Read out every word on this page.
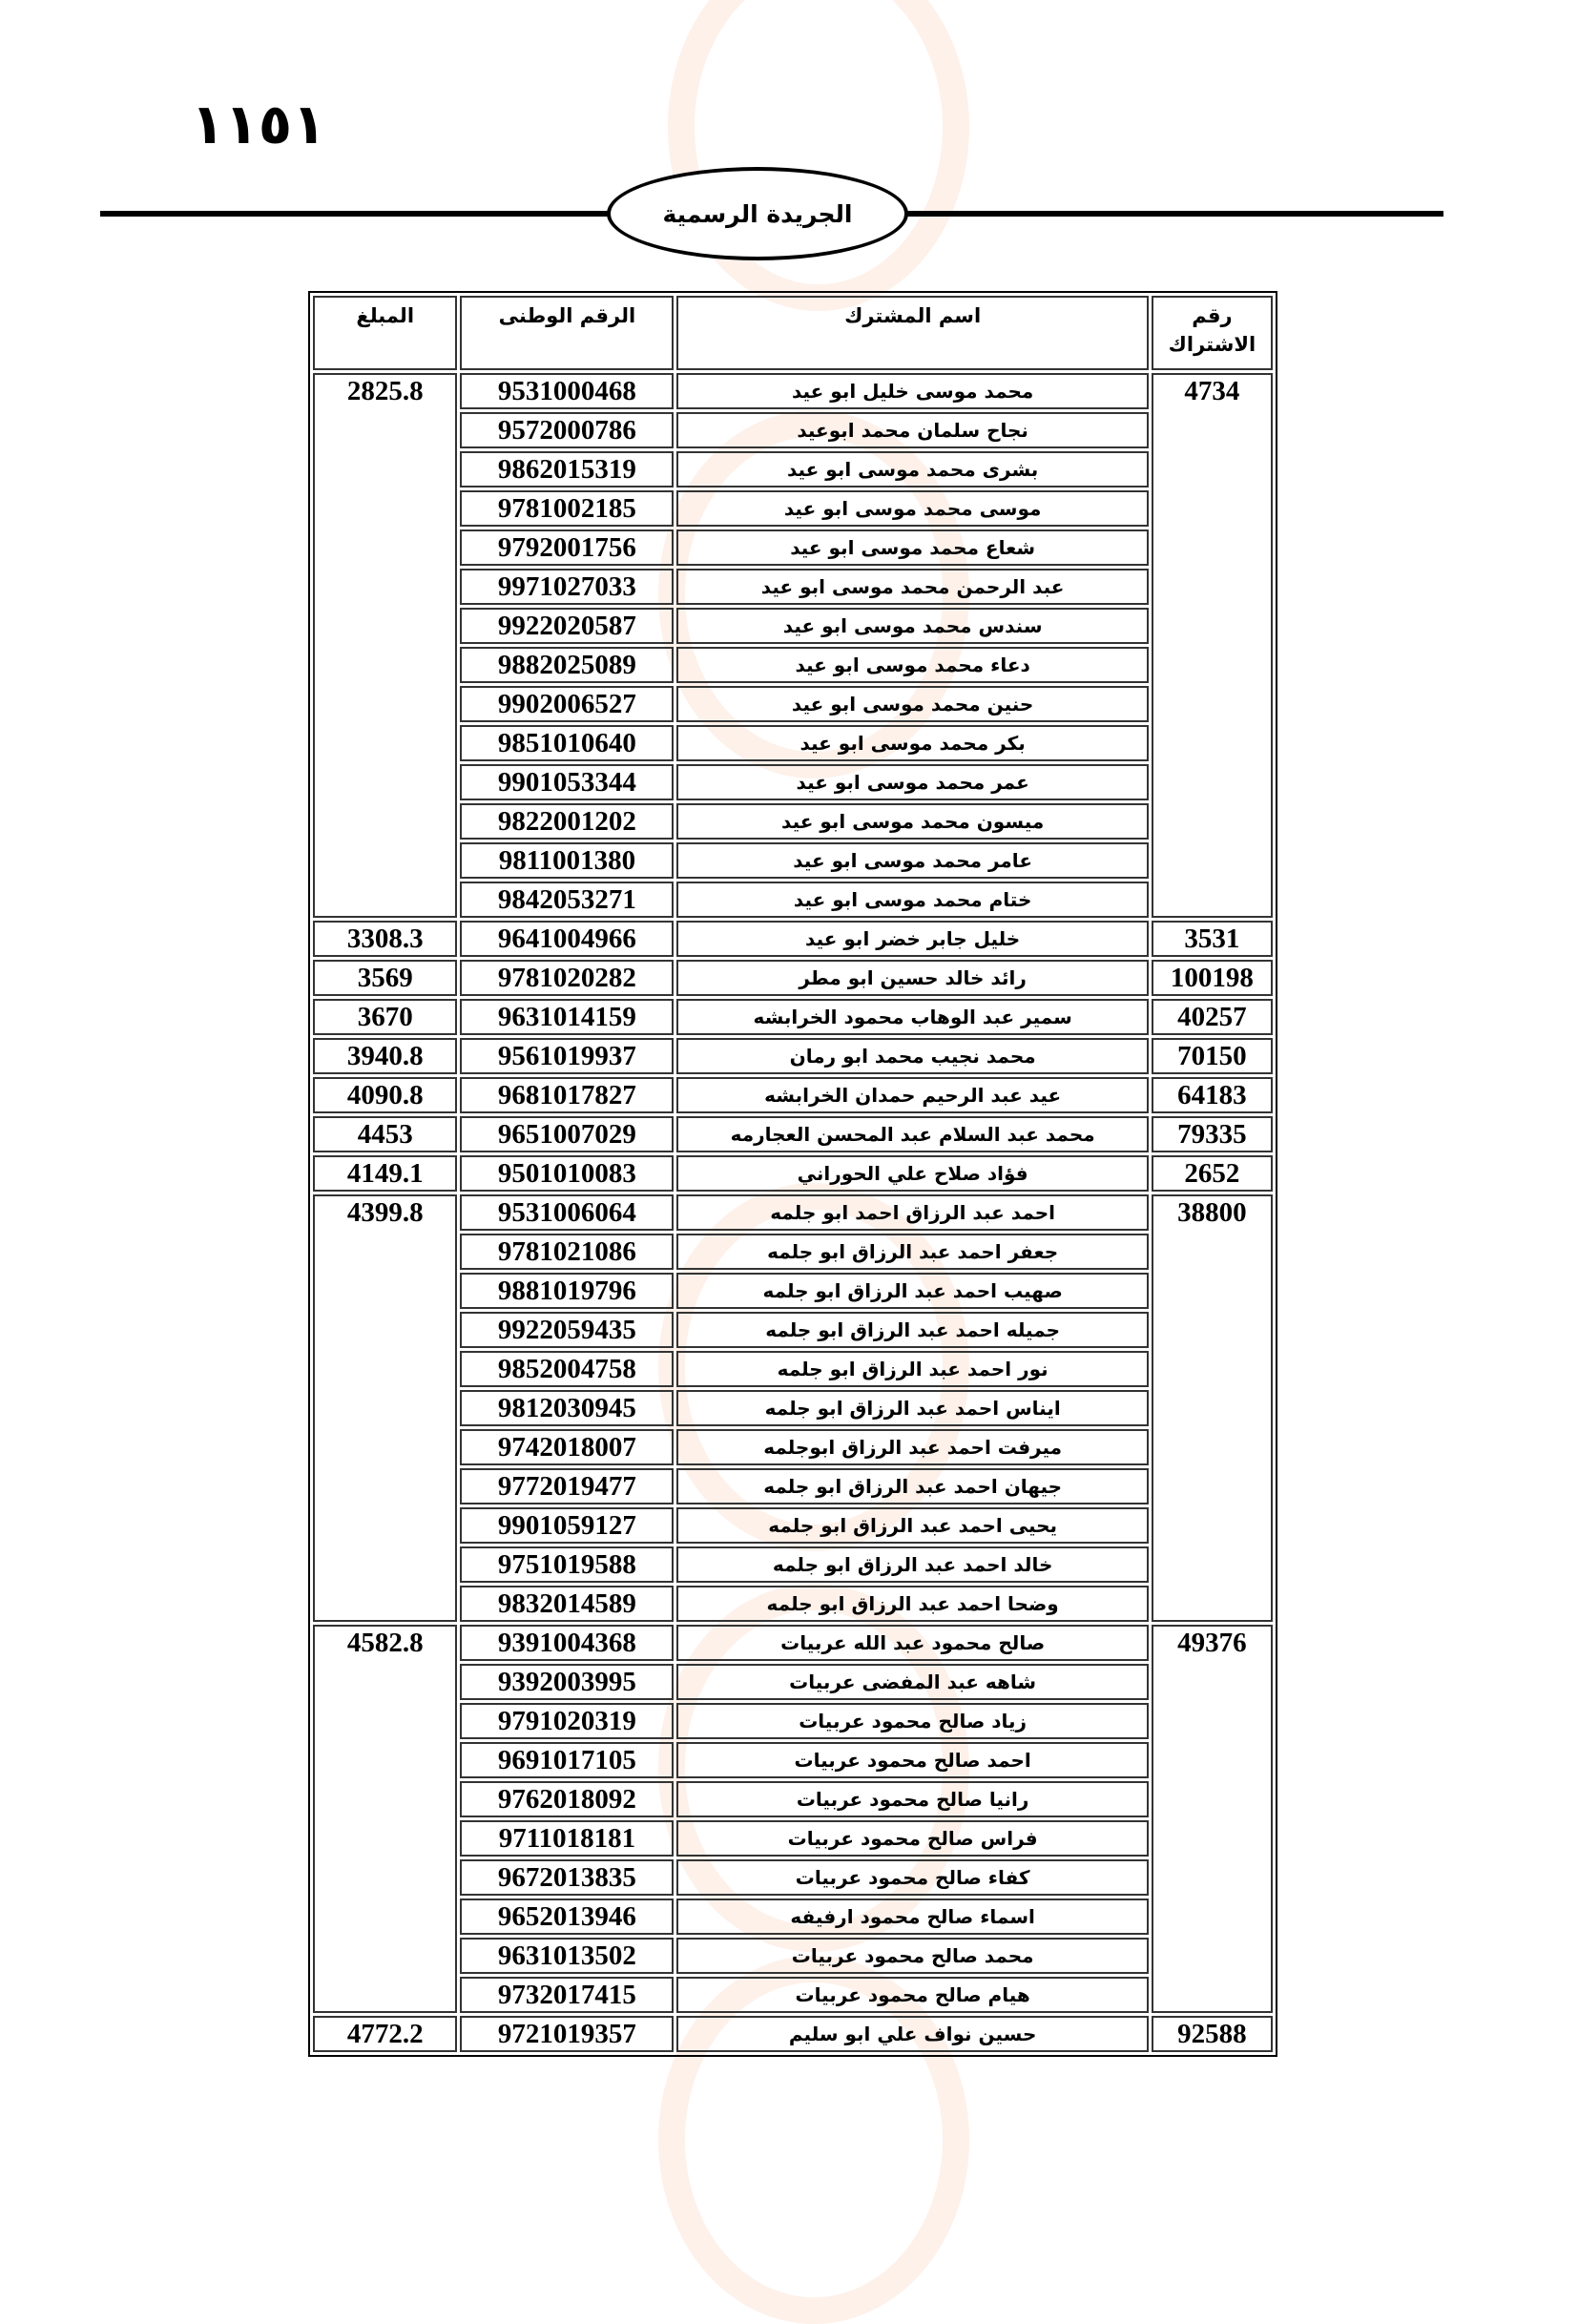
١١٥١
الجريدة الرسمية
رقم الاشتراك	اسم المشترك	الرقم الوطنى	المبلغ
4734	محمد موسى خليل ابو عيد	9531000468	2825.8
	نجاح سلمان محمد ابوعيد	9572000786	
	بشرى محمد موسى ابو عيد	9862015319	
	موسى محمد موسى ابو عيد	9781002185	
	شعاع محمد موسى ابو عيد	9792001756	
	عبد الرحمن محمد موسى ابو عيد	9971027033	
	سندس محمد موسى ابو عيد	9922020587	
	دعاء محمد موسى ابو عيد	9882025089	
	حنين محمد موسى ابو عيد	9902006527	
	بكر محمد موسى ابو عيد	9851010640	
	عمر محمد موسى ابو عيد	9901053344	
	ميسون محمد موسى ابو عيد	9822001202	
	عامر محمد موسى ابو عيد	9811001380	
	ختام محمد موسى ابو عيد	9842053271	
3531	خليل جابر خضر ابو عيد	9641004966	3308.3
100198	رائد خالد حسين ابو مطر	9781020282	3569
40257	سمير عبد الوهاب محمود الخرابشه	9631014159	3670
70150	محمد نجيب محمد ابو رمان	9561019937	3940.8
64183	عيد عبد الرحيم حمدان الخرابشه	9681017827	4090.8
79335	محمد عبد السلام عبد المحسن العجارمه	9651007029	4453
2652	فؤاد صلاح علي الحوراني	9501010083	4149.1
38800	احمد عبد الرزاق احمد ابو جلمه	9531006064	4399.8
	جعفر احمد عبد الرزاق ابو جلمه	9781021086	
	صهيب احمد عبد الرزاق ابو جلمه	9881019796	
	جميله احمد عبد الرزاق ابو جلمه	9922059435	
	نور احمد عبد الرزاق ابو جلمه	9852004758	
	ايناس احمد عبد الرزاق ابو جلمه	9812030945	
	ميرفت احمد عبد الرزاق ابوجلمه	9742018007	
	جيهان احمد عبد الرزاق ابو جلمه	9772019477	
	يحيى احمد عبد الرزاق ابو جلمه	9901059127	
	خالد احمد عبد الرزاق ابو جلمه	9751019588	
	وضحا احمد عبد الرزاق ابو جلمه	9832014589	
49376	صالح محمود عبد الله عربيات	9391004368	4582.8
	شاهه عبد المفضى عربيات	9392003995	
	زياد صالح محمود عربيات	9791020319	
	احمد صالح محمود عربيات	9691017105	
	رانيا صالح محمود عربيات	9762018092	
	فراس صالح محمود عربيات	9711018181	
	كفاء صالح محمود عربيات	9672013835	
	اسماء صالح محمود ارفيفه	9652013946	
	محمد صالح محمود عربيات	9631013502	
	هيام صالح محمود عربيات	9732017415	
92588	حسين نواف علي ابو سليم	9721019357	4772.2
